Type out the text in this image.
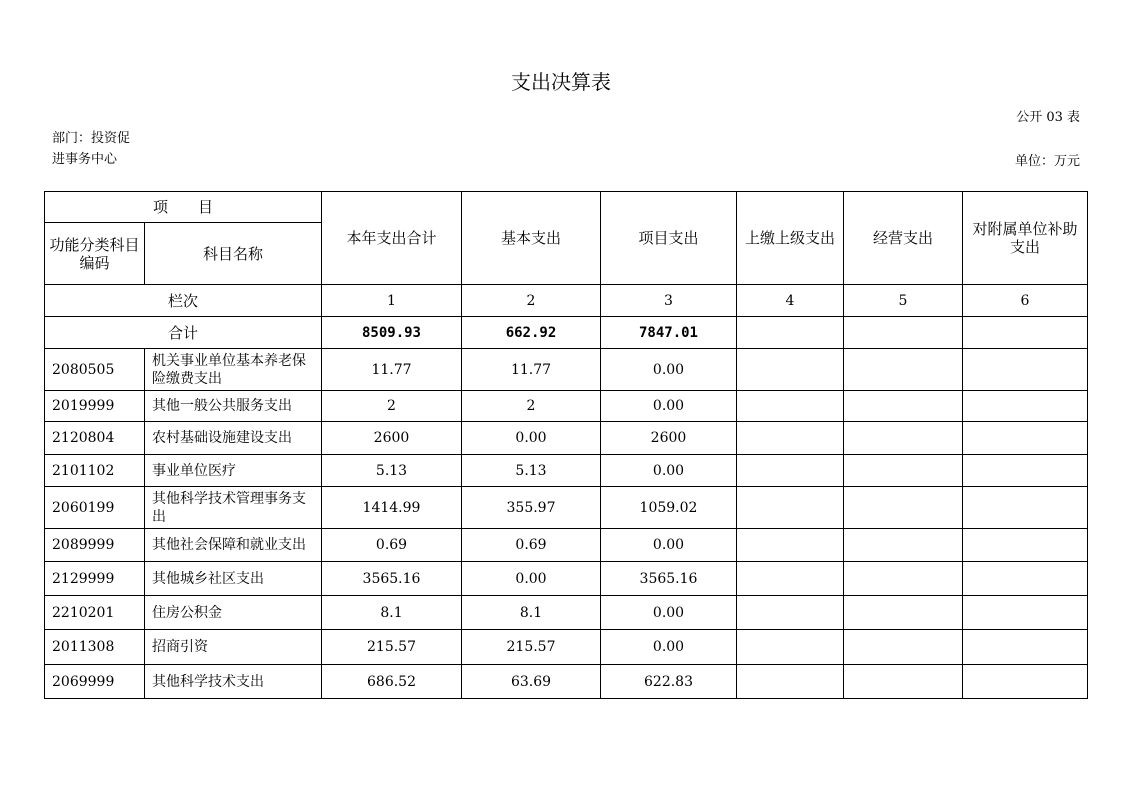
支出决算表
公开 03 表
部门：投资促进事务中心	单位：万元
项　　目		本年支出合计	基本支出	项目支出	上缴上级支出	经营支出	对附属单位补助支出
功能分类科目编码	科目名称						
栏次		1	2	3	4	5	6
合计		8509.93	662.92	7847.01			
2080505	机关事业单位基本养老保险缴费支出	11.77	11.77	0.00			
2019999	其他一般公共服务支出	2	2	0.00			
2120804	农村基础设施建设支出	2600	0.00	2600			
2101102	事业单位医疗	5.13	5.13	0.00			
2060199	其他科学技术管理事务支出	1414.99	355.97	1059.02			
2089999	其他社会保障和就业支出	0.69	0.69	0.00			
2129999	其他城乡社区支出	3565.16	0.00	3565.16			
2210201	住房公积金	8.1	8.1	0.00			
2011308	招商引资	215.57	215.57	0.00			
2069999	其他科学技术支出	686.52	63.69	622.83			
